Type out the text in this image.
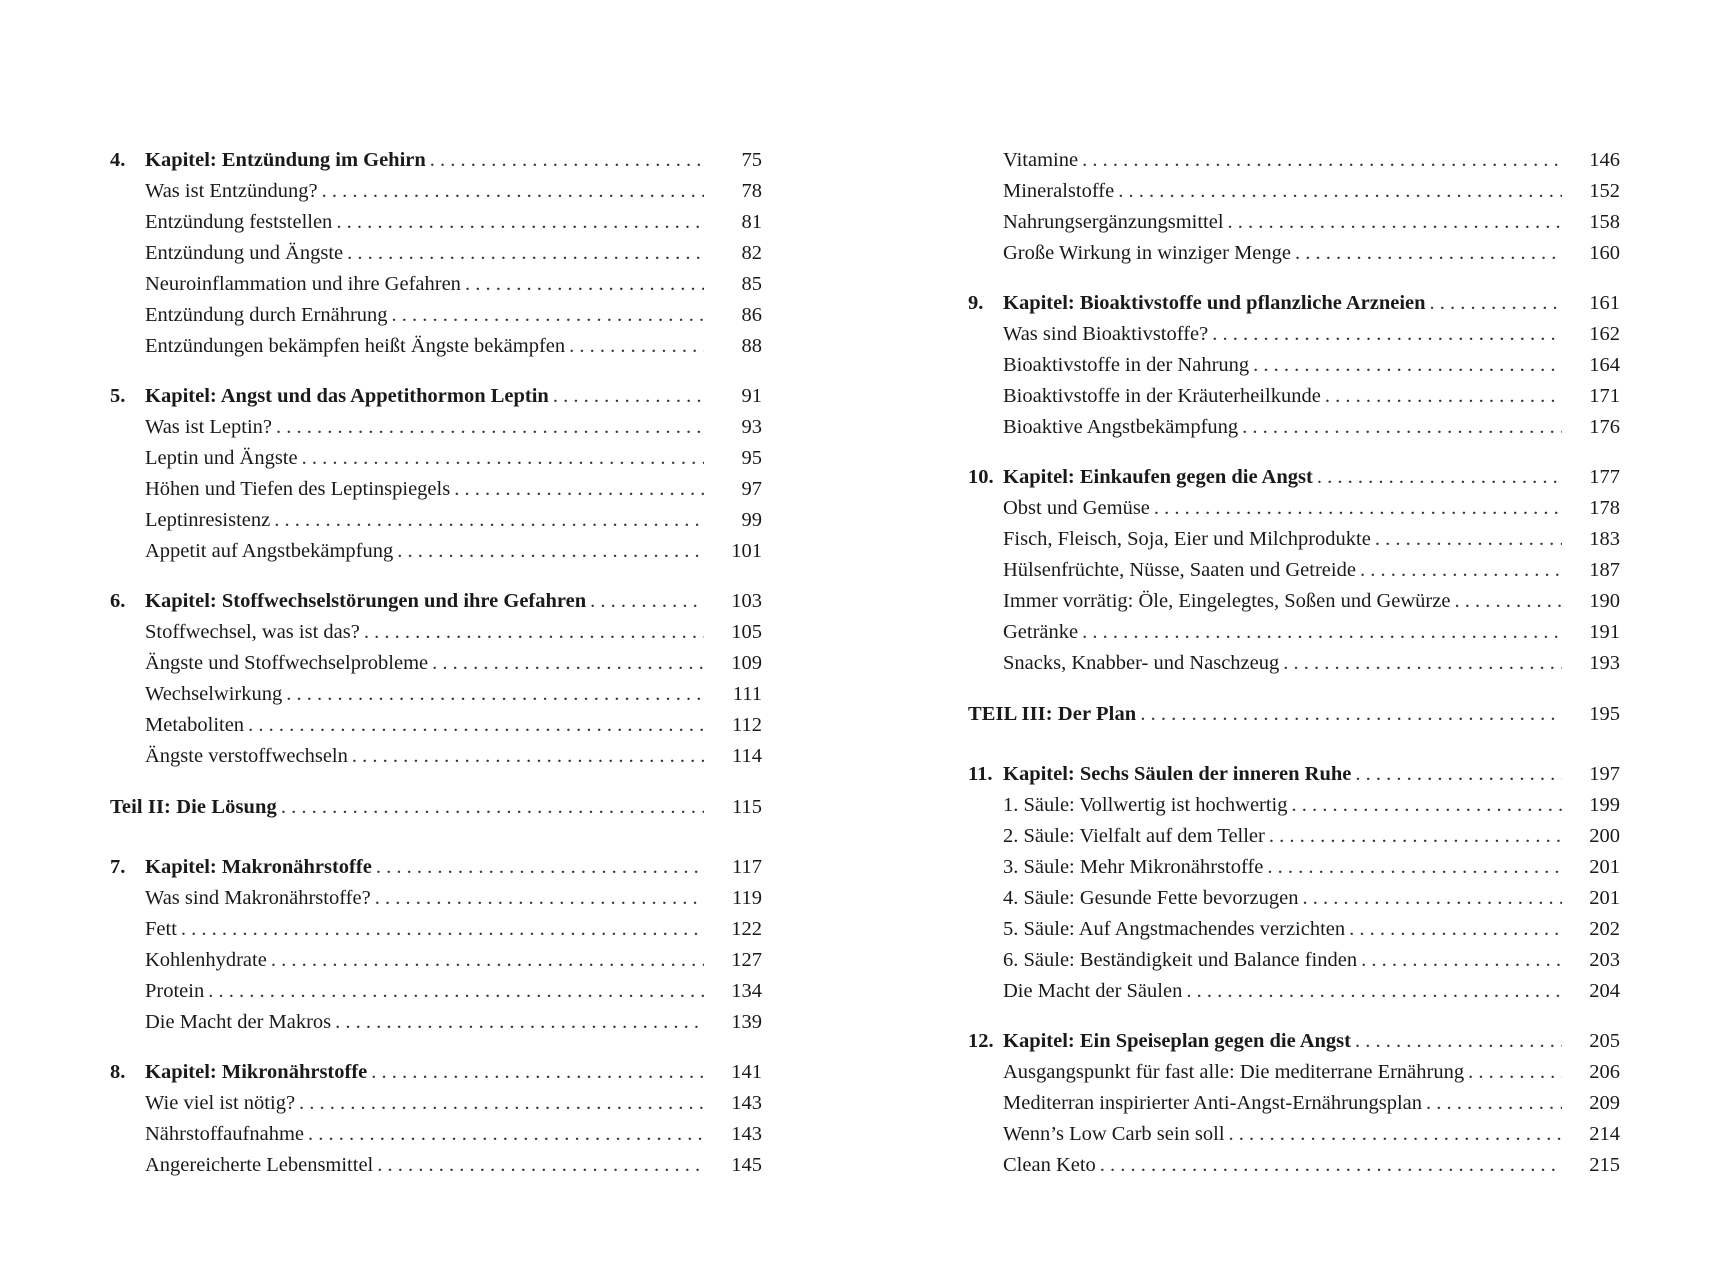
4. Kapitel: Entzündung im Gehirn . . .	75
Was ist Entzündung? . . .	78
Entzündung feststellen . . .	81
Entzündung und Ängste . . .	82
Neuroinflammation und ihre Gefahren . . .	85
Entzündung durch Ernährung . . .	86
Entzündungen bekämpfen heißt Ängste bekämpfen . . .	88
5. Kapitel: Angst und das Appetithormon Leptin . . .	91
Was ist Leptin? . . .	93
Leptin und Ängste . . .	95
Höhen und Tiefen des Leptinspiegels . . .	97
Leptinresistenz . . .	99
Appetit auf Angstbekämpfung . . .	101
6. Kapitel: Stoffwechselstörungen und ihre Gefahren . . .	103
Stoffwechsel, was ist das? . . .	105
Ängste und Stoffwechselprobleme . . .	109
Wechselwirkung . . .	111
Metaboliten . . .	112
Ängste verstoffwechseln . . .	114
Teil II: Die Lösung . . .	115
7. Kapitel: Makronährstoffe . . .	117
Was sind Makronährstoffe? . . .	119
Fett . . .	122
Kohlenhydrate . . .	127
Protein . . .	134
Die Macht der Makros . . .	139
8. Kapitel: Mikronährstoffe . . .	141
Wie viel ist nötig? . . .	143
Nährstoffaufnahme . . .	143
Angereicherte Lebensmittel . . .	145
Vitamine . . .	146
Mineralstoffe . . .	152
Nahrungsergänzungsmittel . . .	158
Große Wirkung in winziger Menge . . .	160
9. Kapitel: Bioaktivstoffe und pflanzliche Arzneien . . .	161
Was sind Bioaktivstoffe? . . .	162
Bioaktivstoffe in der Nahrung . . .	164
Bioaktivstoffe in der Kräuterheilkunde . . .	171
Bioaktive Angstbekämpfung . . .	176
10. Kapitel: Einkaufen gegen die Angst . . .	177
Obst und Gemüse . . .	178
Fisch, Fleisch, Soja, Eier und Milchprodukte . . .	183
Hülsenfrüchte, Nüsse, Saaten und Getreide . . .	187
Immer vorrätig: Öle, Eingelegtes, Soßen und Gewürze . . .	190
Getränke . . .	191
Snacks, Knabber- und Naschzeug . . .	193
TEIL III: Der Plan . . .	195
11. Kapitel: Sechs Säulen der inneren Ruhe . . .	197
1. Säule: Vollwertig ist hochwertig . . .	199
2. Säule: Vielfalt auf dem Teller . . .	200
3. Säule: Mehr Mikronährstoffe . . .	201
4. Säule: Gesunde Fette bevorzugen . . .	201
5. Säule: Auf Angstmachendes verzichten . . .	202
6. Säule: Beständigkeit und Balance finden . . .	203
Die Macht der Säulen . . .	204
12. Kapitel: Ein Speiseplan gegen die Angst . . .	205
Ausgangspunkt für fast alle: Die mediterrane Ernährung . . .	206
Mediterran inspirierter Anti-Angst-Ernährungsplan . . .	209
Wenn’s Low Carb sein soll . . .	214
Clean Keto . . .	215
